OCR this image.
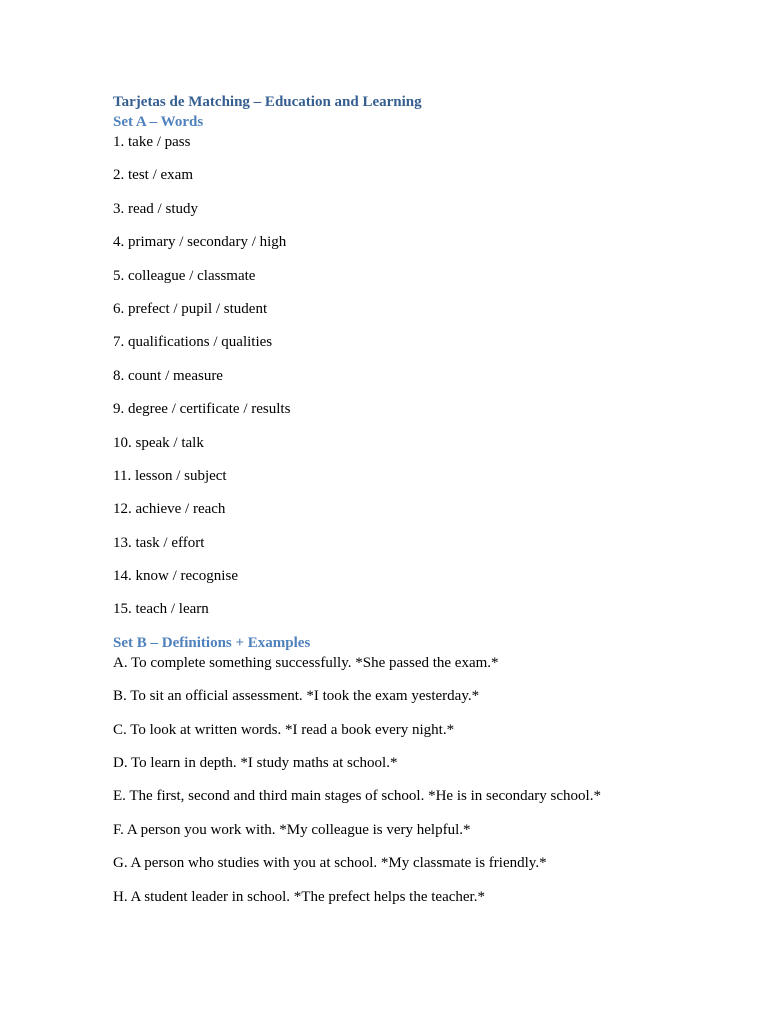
Tarjetas de Matching – Education and Learning
Set A – Words
1. take / pass
2. test / exam
3. read / study
4. primary / secondary / high
5. colleague / classmate
6. prefect / pupil / student
7. qualifications / qualities
8. count / measure
9. degree / certificate / results
10. speak / talk
11. lesson / subject
12. achieve / reach
13. task / effort
14. know / recognise
15. teach / learn
Set B – Definitions + Examples
A. To complete something successfully. *She passed the exam.*
B. To sit an official assessment. *I took the exam yesterday.*
C. To look at written words. *I read a book every night.*
D. To learn in depth. *I study maths at school.*
E. The first, second and third main stages of school. *He is in secondary school.*
F. A person you work with. *My colleague is very helpful.*
G. A person who studies with you at school. *My classmate is friendly.*
H. A student leader in school. *The prefect helps the teacher.*
